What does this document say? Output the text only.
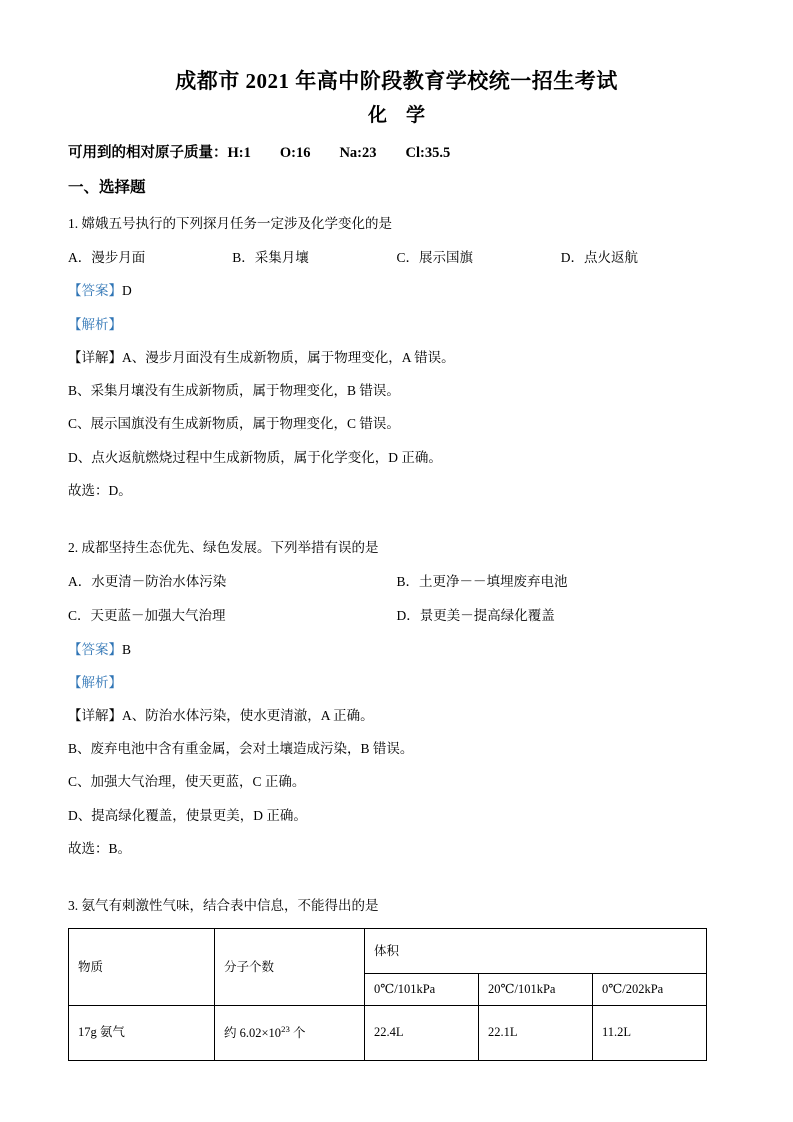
成都市 2021 年高中阶段教育学校统一招生考试
化    学

可用到的相对原子质量：H:1        O:16        Na:23        Cl:35.5

一、选择题

1. 嫦娥五号执行的下列探月任务一定涉及化学变化的是

A．漫步月面	B．采集月壤	C．展示国旗	D．点火返航

【答案】D

【解析】

【详解】A、漫步月面没有生成新物质，属于物理变化，A 错误。

B、采集月壤没有生成新物质，属于物理变化，B 错误。

C、展示国旗没有生成新物质，属于物理变化，C 错误。

D、点火返航燃烧过程中生成新物质，属于化学变化，D 正确。

故选：D。

2. 成都坚持生态优先、绿色发展。下列举措有误的是

A．水更清－防治水体污染	B．土更净－－填埋废弃电池
C．天更蓝－加强大气治理	D．景更美－提高绿化覆盖

【答案】B

【解析】

【详解】A、防治水体污染，使水更清澈，A 正确。

B、废弃电池中含有重金属，会对土壤造成污染，B 错误。

C、加强大气治理，使天更蓝，C 正确。

D、提高绿化覆盖，使景更美，D 正确。

故选：B。

3. 氨气有刺激性气味，结合表中信息，不能得出的是

物质	分子个数	体积		
		0℃/101kPa	20℃/101kPa	0℃/202kPa
17g 氨气	约 $6.02\times 10^{23}$ 个	22.4L	22.1L	11.2L
